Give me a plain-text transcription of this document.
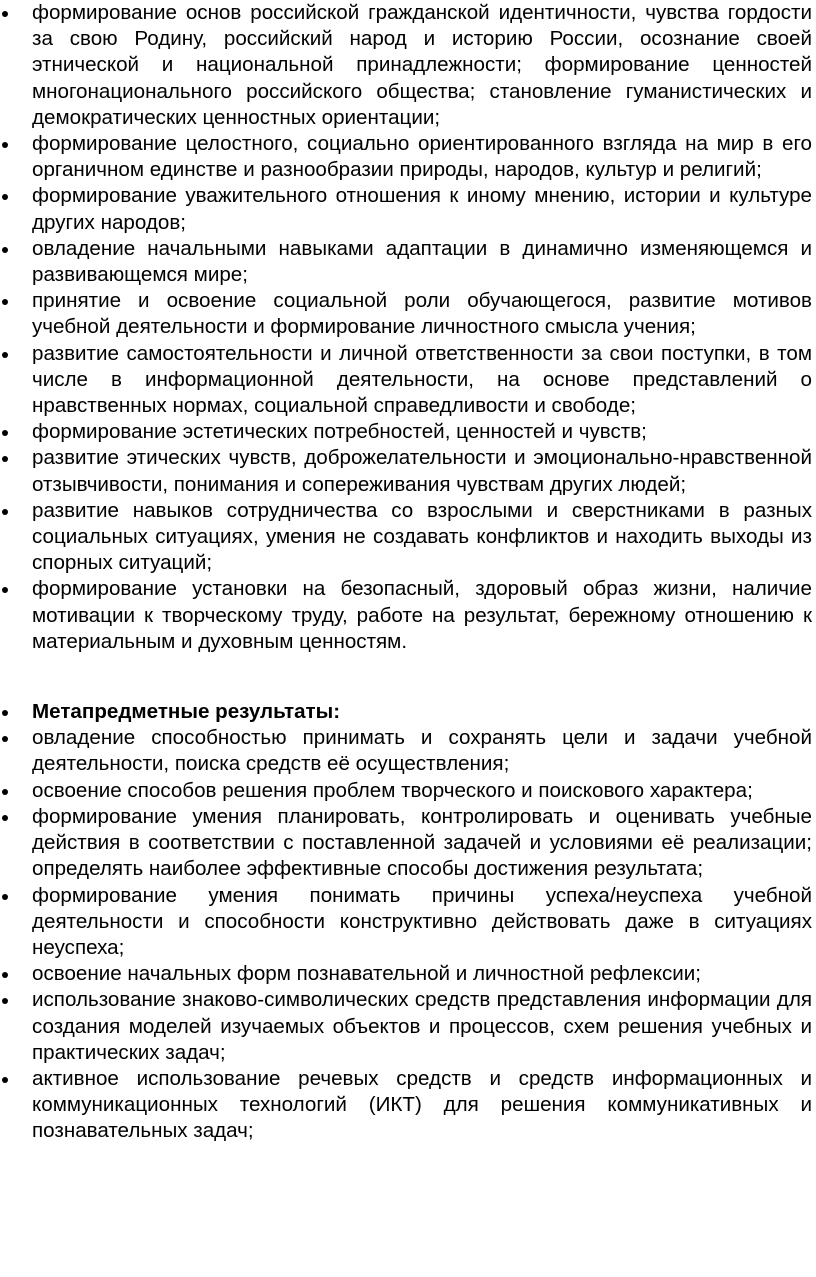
формирование основ российской гражданской идентичности, чувства гордости за свою Родину, российский народ и историю России, осознание своей этнической и национальной принадлежности; формирование ценностей многонационального российского общества; становление гуманистических и демократических ценностных ориентации;
формирование целостного, социально ориентированного взгляда на мир в его органичном единстве и разнообразии природы, народов, культур и религий;
формирование уважительного отношения к иному мнению, истории и культуре других народов;
овладение начальными навыками адаптации в динамично изменяющемся и развивающемся мире;
принятие и освоение социальной роли обучающегося, развитие мотивов учебной деятельности и формирование личностного смысла учения;
развитие самостоятельности и личной ответственности за свои поступки, в том числе в информационной деятельности, на основе представлений о нравственных нормах, социальной справедливости и свободе;
формирование эстетических потребностей, ценностей и чувств;
развитие этических чувств, доброжелательности и эмоционально-нравственной отзывчивости, понимания и сопереживания чувствам других людей;
развитие навыков сотрудничества со взрослыми и сверстниками в разных социальных ситуациях, умения не создавать конфликтов и находить выходы из спорных ситуаций;
формирование установки на безопасный, здоровый образ жизни, наличие мотивации к творческому труду, работе на результат, бережному отношению к материальным и духовным ценностям.
Метапредметные результаты:
овладение способностью принимать и сохранять цели и задачи учебной деятельности, поиска средств её осуществления;
освоение способов решения проблем творческого и поискового характера;
формирование умения планировать, контролировать и оценивать учебные действия в соответствии с поставленной задачей и условиями её реализации; определять наиболее эффективные способы достижения результата;
формирование умения понимать причины успеха/неуспеха учебной деятельности и способности конструктивно действовать даже в ситуациях неуспеха;
освоение начальных форм познавательной и личностной рефлексии;
использование знаково-символических средств представления информации для создания моделей изучаемых объектов и процессов, схем решения учебных и практических задач;
активное использование речевых средств и средств информационных и коммуникационных технологий (ИКТ) для решения коммуникативных и познавательных задач;
